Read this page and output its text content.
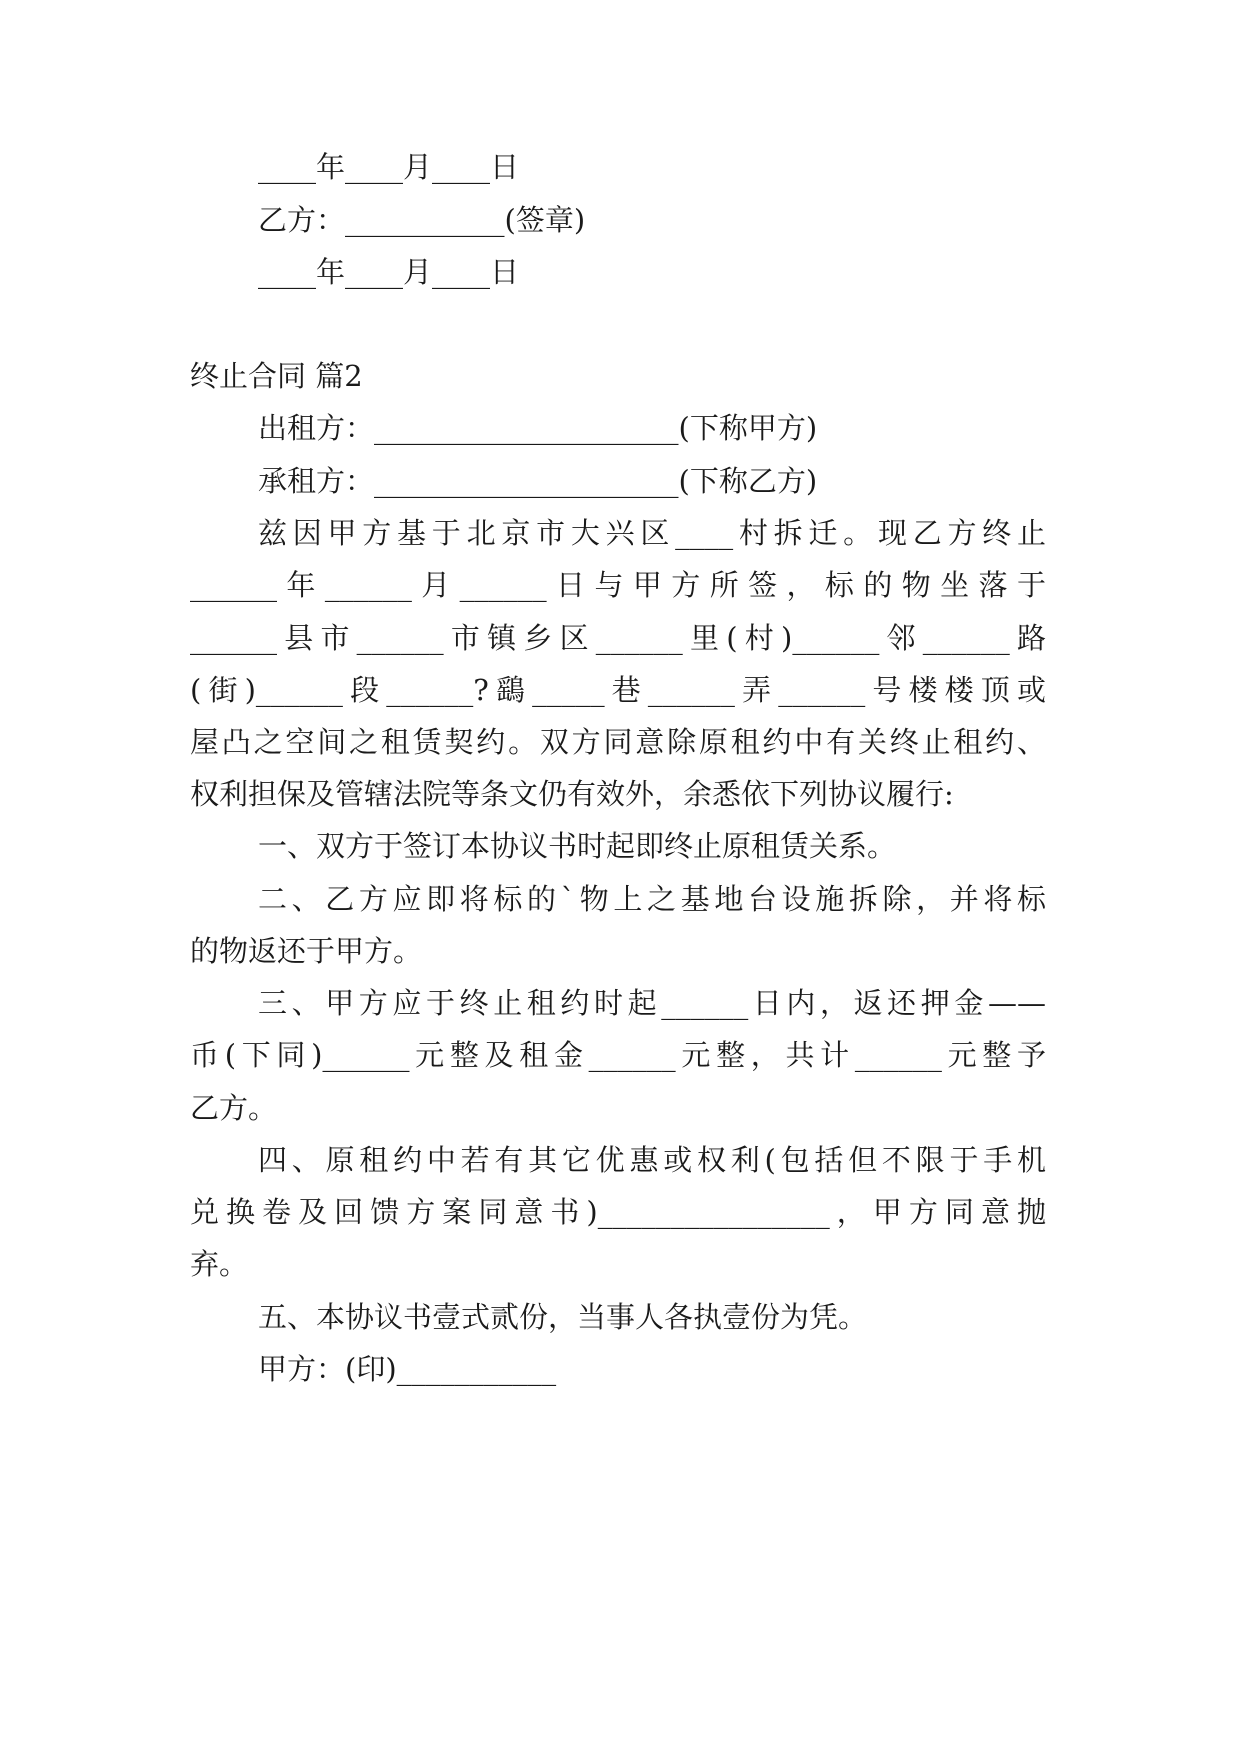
____年____月____日
乙方：___________(签章)
____年____月____日
终止合同 篇2
出租方：_____________________(下称甲方)
承租方：_____________________(下称乙方)
兹因甲方基于北京市大兴区____村拆迁。现乙方终止
______年______月______日与甲方所签，标的物坐落于
______县市______市镇乡区______里(村)______邻______路
(街)______段______?鷂_____巷______弄______号楼楼顶或
屋凸之空间之租赁契约。双方同意除原租约中有关终止租约、
权利担保及管辖法院等条文仍有效外，余悉依下列协议履行:
一、双方于签订本协议书时起即终止原租赁关系。
二、乙方应即将标的`物上之基地台设施拆除，并将标
的物返还于甲方。
三、甲方应于终止租约时起______日内，返还押金——
币(下同)______元整及租金______元整，共计______元整予
乙方。
四、原租约中若有其它优惠或权利(包括但不限于手机
兑换卷及回馈方案同意书)________________，甲方同意抛
弃。
五、本协议书壹式贰份，当事人各执壹份为凭。
甲方：(印)___________
